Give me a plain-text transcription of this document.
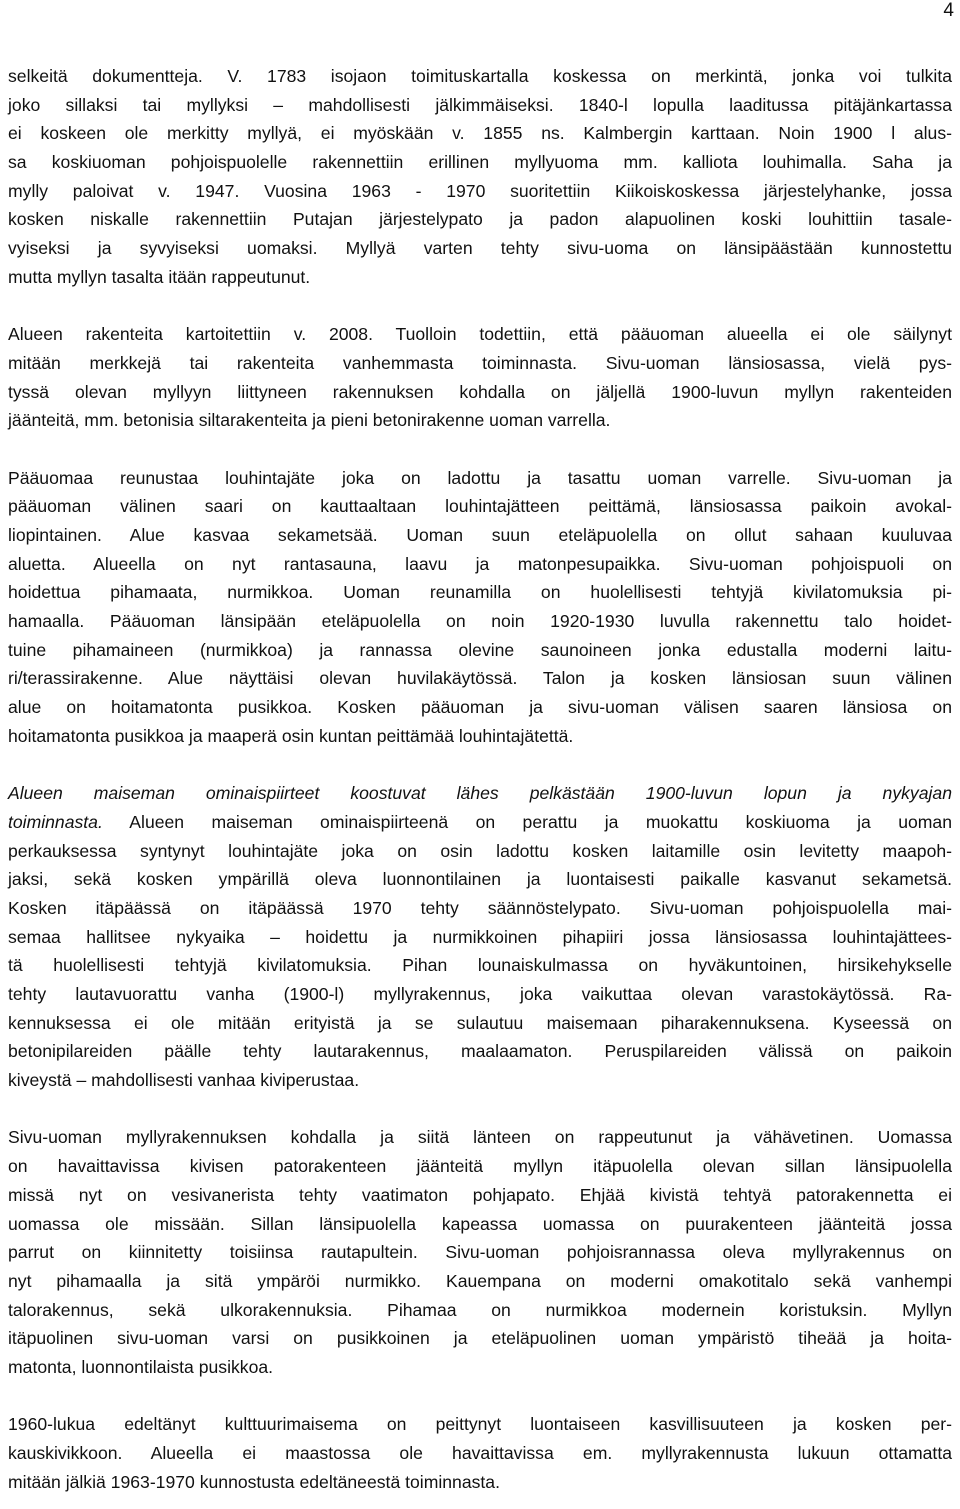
4
selkeitä dokumentteja. V. 1783 isojaon toimituskartalla koskessa on merkintä, jonka voi tulkita
joko sillaksi tai myllyksi – mahdollisesti jälkimmäiseksi. 1840-l lopulla laaditussa pitäjänkartassa
ei koskeen ole merkitty myllyä, ei myöskään v. 1855 ns. Kalmbergin karttaan. Noin 1900 l alus-
sa koskiuoman pohjoispuolelle rakennettiin erillinen myllyuoma mm. kalliota louhimalla. Saha ja
mylly paloivat v. 1947. Vuosina 1963 - 1970 suoritettiin Kiikoiskoskessa järjestelyhanke, jossa
kosken niskalle rakennettiin Putajan järjestelypato ja padon alapuolinen koski louhittiin tasale-
vyiseksi ja syvyiseksi uomaksi. Myllyä varten tehty sivu-uoma on länsipäästään kunnostettu
mutta myllyn tasalta itään rappeutunut.
Alueen rakenteita kartoitettiin v. 2008. Tuolloin todettiin, että pääuoman alueella ei ole säilynyt
mitään merkkejä tai rakenteita vanhemmasta toiminnasta. Sivu-uoman länsiosassa, vielä pys-
tyssä olevan myllyyn liittyneen rakennuksen kohdalla on jäljellä 1900-luvun myllyn rakenteiden
jäänteitä, mm. betonisia siltarakenteita ja pieni betonirakenne uoman varrella.
Pääuomaa reunustaa louhintajäte joka on ladottu ja tasattu uoman varrelle. Sivu-uoman ja
pääuoman välinen saari on kauttaaltaan louhintajätteen peittämä, länsiosassa paikoin avokal-
liopintainen. Alue kasvaa sekametsää. Uoman suun eteläpuolella on ollut sahaan kuuluvaa
aluetta. Alueella on nyt rantasauna, laavu ja matonpesupaikka. Sivu-uoman pohjoispuoli on
hoidettua pihamaata, nurmikkoa. Uoman reunamilla on huolellisesti tehtyjä kivilatomuksia pi-
hamaalla. Pääuoman länsipään eteläpuolella on noin 1920-1930 luvulla rakennettu talo hoidet-
tuine pihamaineen (nurmikkoa) ja rannassa olevine saunoineen jonka edustalla moderni laitu-
ri/terassirakenne. Alue näyttäisi olevan huvilakäytössä. Talon ja kosken länsiosan suun välinen
alue on hoitamatonta pusikkoa. Kosken pääuoman ja sivu-uoman välisen saaren länsiosa on
hoitamatonta pusikkoa ja maaperä osin kuntan peittämää louhintajätettä.
Alueen maiseman ominaispiirteet koostuvat lähes pelkästään 1900-luvun lopun ja nykyajan
toiminnasta. Alueen maiseman ominaispiirteenä on perattu ja muokattu koskiuoma ja uoman
perkauksessa syntynyt louhintajäte joka on osin ladottu kosken laitamille osin levitetty maapoh-
jaksi, sekä kosken ympärillä oleva luonnontilainen ja luontaisesti paikalle kasvanut sekametsä.
Kosken itäpäässä on itäpäässä 1970 tehty säännöstelypato. Sivu-uoman pohjoispuolella mai-
semaa hallitsee nykyaika – hoidettu ja nurmikkoinen pihapiiri jossa länsiosassa louhintajättees-
tä huolellisesti tehtyjä kivilatomuksia. Pihan lounaiskulmassa on hyväkuntoinen, hirsikehykselle
tehty lautavuorattu vanha (1900-l) myllyrakennus, joka vaikuttaa olevan varastokäytössä. Ra-
kennuksessa ei ole mitään erityistä ja se sulautuu maisemaan piharakennuksena. Kyseessä on
betonipilareiden päälle tehty lautarakennus, maalaamaton. Peruspilareiden välissä on paikoin
kiveystä – mahdollisesti vanhaa kiviperustaa.
Sivu-uoman myllyrakennuksen kohdalla ja siitä länteen on rappeutunut ja vähävetinen. Uomassa
on havaittavissa kivisen patorakenteen jäänteitä myllyn itäpuolella olevan sillan länsipuolella
missä nyt on vesivanerista tehty vaatimaton pohjapato. Ehjää kivistä tehtyä patorakennetta ei
uomassa ole missään. Sillan länsipuolella kapeassa uomassa on puurakenteen jäänteitä jossa
parrut on kiinnitetty toisiinsa rautapultein. Sivu-uoman pohjoisrannassa oleva myllyrakennus on
nyt pihamaalla ja sitä ympäröi nurmikko. Kauempana on moderni omakotitalo sekä vanhempi
talorakennus, sekä ulkorakennuksia. Pihamaa on nurmikkoa modernein koristuksin. Myllyn
itäpuolinen sivu-uoman varsi on pusikkoinen ja eteläpuolinen uoman ympäristö tiheää ja hoita-
matonta, luonnontilaista pusikkoa.
1960-lukua edeltänyt kulttuurimaisema on peittynyt luontaiseen kasvillisuuteen ja kosken per-
kauskivikkoon. Alueella ei maastossa ole havaittavissa em. myllyrakennusta lukuun ottamatta
mitään jälkiä 1963-1970 kunnostusta edeltäneestä toiminnasta.
